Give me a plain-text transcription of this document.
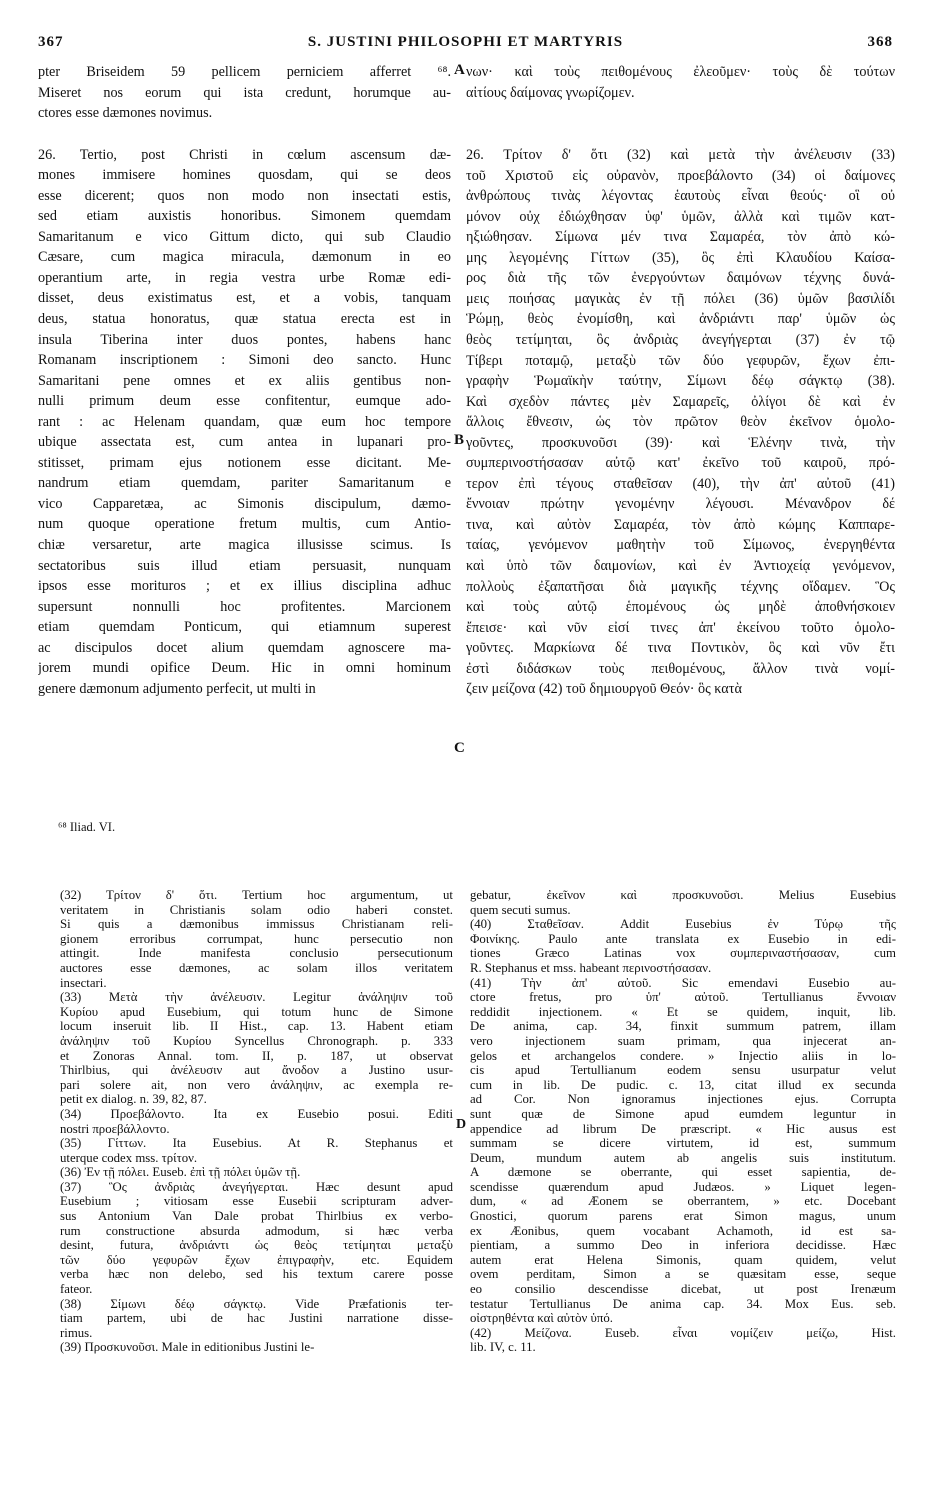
367	S. JUSTINI PHILOSOPHI ET MARTYRIS	368
pter Briseidem 59 pellicem perniciem afferret ⁶⁸.
Miseret nos eorum qui ista credunt, horumque au-
ctores esse dæmones novimus.
26. Tertio, post Christi in cœlum ascensum dæ-
mones immisere homines quosdam, qui se deos
esse dicerent; quos non modo non insectati estis,
sed etiam auxistis honoribus. Simonem quemdam
Samaritanum e vico Gittum dicto, qui sub Claudio
Cæsare, cum magica miracula, dæmonum in eo
operantium arte, in regia vestra urbe Romæ edi-
disset, deus existimatus est, et a vobis, tanquam
deus, statua honoratus, quæ statua erecta est in
insula Tiberina inter duos pontes, habens hanc
Romanam inscriptionem : Simoni deo sancto. Hunc
Samaritani pene omnes et ex aliis gentibus non-
nulli primum deum esse confitentur, eumque ado-
rant : ac Helenam quandam, quæ eum hoc tempore
ubique assectata est, cum antea in lupanari pro-
stitisset, primam ejus notionem esse dicitant. Me-
nandrum etiam quemdam, pariter Samaritanum e
vico Capparetæa, ac Simonis discipulum, dæmo-
num quoque operatione fretum multis, cum Antio-
chiæ versaretur, arte magica illusisse scimus. Is
sectatoribus suis illud etiam persuasit, nunquam
ipsos esse morituros ; et ex illius disciplina adhuc
supersunt nonnulli hoc profitentes. Marcionem
etiam quemdam Ponticum, qui etiamnum superest
ac discipulos docet alium quemdam agnoscere ma-
jorem mundi opifice Deum. Hic in omni hominum
genere dæmonum adjumento perfecit, ut multi in
νων· καὶ τοὺς πειθομένους ἐλεοῦμεν· τοὺς δὲ τούτων
αἰτίους δαίμονας γνωρίζομεν.
26. Τρίτον δ' ὅτι (32) καὶ μετὰ τὴν ἀνέλευσιν (33)
τοῦ Χριστοῦ εἰς οὐρανὸν, προεβάλοντο (34) οἱ δαίμονες
ἀνθρώπους τινὰς λέγοντας ἑαυτοὺς εἶναι θεούς· οἳ οὐ
μόνον οὐχ ἐδιώχθησαν ὑφ' ὑμῶν, ἀλλὰ καὶ τιμῶν κατ-
ηξιώθησαν. Σίμωνα μέν τινα Σαμαρέα, τὸν ἀπὸ κώ-
μης λεγομένης Γίττων (35), ὃς ἐπὶ Κλαυδίου Καίσα-
ρος διὰ τῆς τῶν ἐνεργούντων δαιμόνων τέχνης δυνά-
μεις ποιήσας μαγικὰς ἐν τῇ πόλει (36) ὑμῶν βασιλίδι
Ῥώμῃ, θεὸς ἐνομίσθη, καὶ ἀνδριάντι παρ' ὑμῶν ὡς
θεὸς τετίμηται, ὃς ἀνδριὰς ἀνεγήγερται (37) ἐν τῷ
Τίβερι ποταμῷ, μεταξὺ τῶν δύο γεφυρῶν, ἔχων ἐπι-
γραφὴν Ῥωμαϊκὴν ταύτην, Σίμωνι δέῳ σάγκτῳ (38).
Καὶ σχεδὸν πάντες μὲν Σαμαρεῖς, ὀλίγοι δὲ καὶ ἐν
ἄλλοις ἔθνεσιν, ὡς τὸν πρῶτον θεὸν ἐκεῖνον ὁμολο-
γοῦντες, προσκυνοῦσι (39)· καὶ Ἑλένην τινὰ, τὴν
συμπερινοστήσασαν αὐτῷ κατ' ἐκεῖνο τοῦ καιροῦ, πρό-
τερον ἐπὶ τέγους σταθεῖσαν (40), τὴν ἀπ' αὐτοῦ (41)
ἔννοιαν πρώτην γενομένην λέγουσι. Μένανδρον δέ
τινα, καὶ αὐτὸν Σαμαρέα, τὸν ἀπὸ κώμης Καππαρε-
ταίας, γενόμενον μαθητὴν τοῦ Σίμωνος, ἐνεργηθέντα
καὶ ὑπὸ τῶν δαιμονίων, καὶ ἐν Ἀντιοχείᾳ γενόμενον,
πολλοὺς ἐξαπατῆσαι διὰ μαγικῆς τέχνης οἴδαμεν. Ὃς
καὶ τοὺς αὐτῷ ἑπομένους ὡς μηδὲ ἀποθνήσκοιεν
ἔπεισε· καὶ νῦν εἰσί τινες ἀπ' ἐκείνου τοῦτο ὁμολο-
γοῦντες. Μαρκίωνα δέ τινα Ποντικὸν, ὃς καὶ νῦν ἔτι
ἐστὶ διδάσκων τοὺς πειθομένους, ἄλλον τινὰ νομί-
ζειν μείζονα (42) τοῦ δημιουργοῦ Θεόν· ὃς κατὰ
A
B
C
⁶⁸ Iliad. VI.
(32) Τρίτον δ' ὅτι. Tertium hoc argumentum, ut
veritatem in Christianis solam odio haberi constet.
Si quis a dæmonibus immissus Christianam reli-
gionem erroribus corrumpat, hunc persecutio non
attingit. Inde manifesta conclusio persecutionum
auctores esse dæmones, ac solam illos veritatem
insectari.
(33) Μετὰ τὴν ἀνέλευσιν. Legitur ἀνάληψιν τοῦ
Κυρίου apud Eusebium, qui totum hunc de Simone
locum inseruit lib. II Hist., cap. 13. Habent etiam
ἀνάληψιν τοῦ Κυρίου Syncellus Chronograph. p. 333
et Zonoras Annal. tom. II, p. 187, ut observat
Thirlbius, qui ἀνέλευσιν aut ἄνοδον a Justino usur-
pari solere ait, non vero ἀνάληψιν, ac exempla re-
petit ex dialog. n. 39, 82, 87.
(34) Προεβάλοντο. Ita ex Eusebio posui. Editi
nostri προεβάλλοντο.
(35) Γίττων. Ita Eusebius. At R. Stephanus et
uterque codex mss. τρίτον.
(36) Ἐν τῇ πόλει. Euseb. ἐπὶ τῇ πόλει ὑμῶν τῇ.
(37) Ὃς ἀνδριὰς ἀνεγήγερται. Hæc desunt apud
Eusebium ; vitiosam esse Eusebii scripturam adver-
sus Antonium Van Dale probat Thirlbius ex verbo-
rum constructione absurda admodum, si hæc verba
desint, futura, ἀνδριάντι ὡς θεὸς τετίμηται μεταξὺ
τῶν δύο γεφυρῶν ἔχων ἐπιγραφὴν, etc. Equidem
verba hæc non delebo, sed his textum carere posse
fateor.
(38) Σίμωνι δέῳ σάγκτῳ. Vide Præfationis ter-
tiam partem, ubi de hac Justini narratione disse-
rimus.
(39) Προσκυνοῦσι. Male in editionibus Justini le-
D
gebatur, ἐκεῖνον καὶ προσκυνοῦσι. Melius Eusebius
quem secuti sumus.
(40) Σταθεῖσαν. Addit Eusebius ἐν Τύρῳ τῆς
Φοινίκης. Paulo ante translata ex Eusebio in edi-
tiones Græco Latinas vox συμπεριναστήσασαν, cum
R. Stephanus et mss. habeant περινοστήσασαν.
(41) Τὴν ἀπ' αὐτοῦ. Sic emendavi Eusebio au-
ctore fretus, pro ὑπ' αὐτοῦ. Tertullianus ἔννοιαν
reddidit injectionem. « Et se quidem, inquit, lib.
De anima, cap. 34, finxit summum patrem, illam
vero injectionem suam primam, qua injecerat an-
gelos et archangelos condere. » Injectio aliis in lo-
cis apud Tertullianum eodem sensu usurpatur velut
cum in lib. De pudic. c. 13, citat illud ex secunda
ad Cor. Non ignoramus injectiones ejus. Corrupta
sunt quæ de Simone apud eumdem leguntur in
appendice ad librum De præscript. « Hic ausus est
summam se dicere virtutem, id est, summum
Deum, mundum autem ab angelis suis institutum.
A dæmone se oberrante, qui esset sapientia, de-
scendisse quærendum apud Judæos. » Liquet legen-
dum, « ad Æonem se oberrantem, » etc. Docebant
Gnostici, quorum parens erat Simon magus, unum
ex Æonibus, quem vocabant Achamoth, id est sa-
pientiam, a summo Deo in inferiora decidisse. Hæc
autem erat Helena Simonis, quam quidem, velut
ovem perditam, Simon a se quæsitam esse, seque
eo consilio descendisse dicebat, ut post Irenæum
testatur Tertullianus De anima cap. 34. Mox Eus. seb.
οἰστρηθέντα καὶ αὐτὸν ὑπό.
(42) Μείζονα. Euseb. εἶναι νομίζειν μείζω, Hist.
lib. IV, c. 11.
